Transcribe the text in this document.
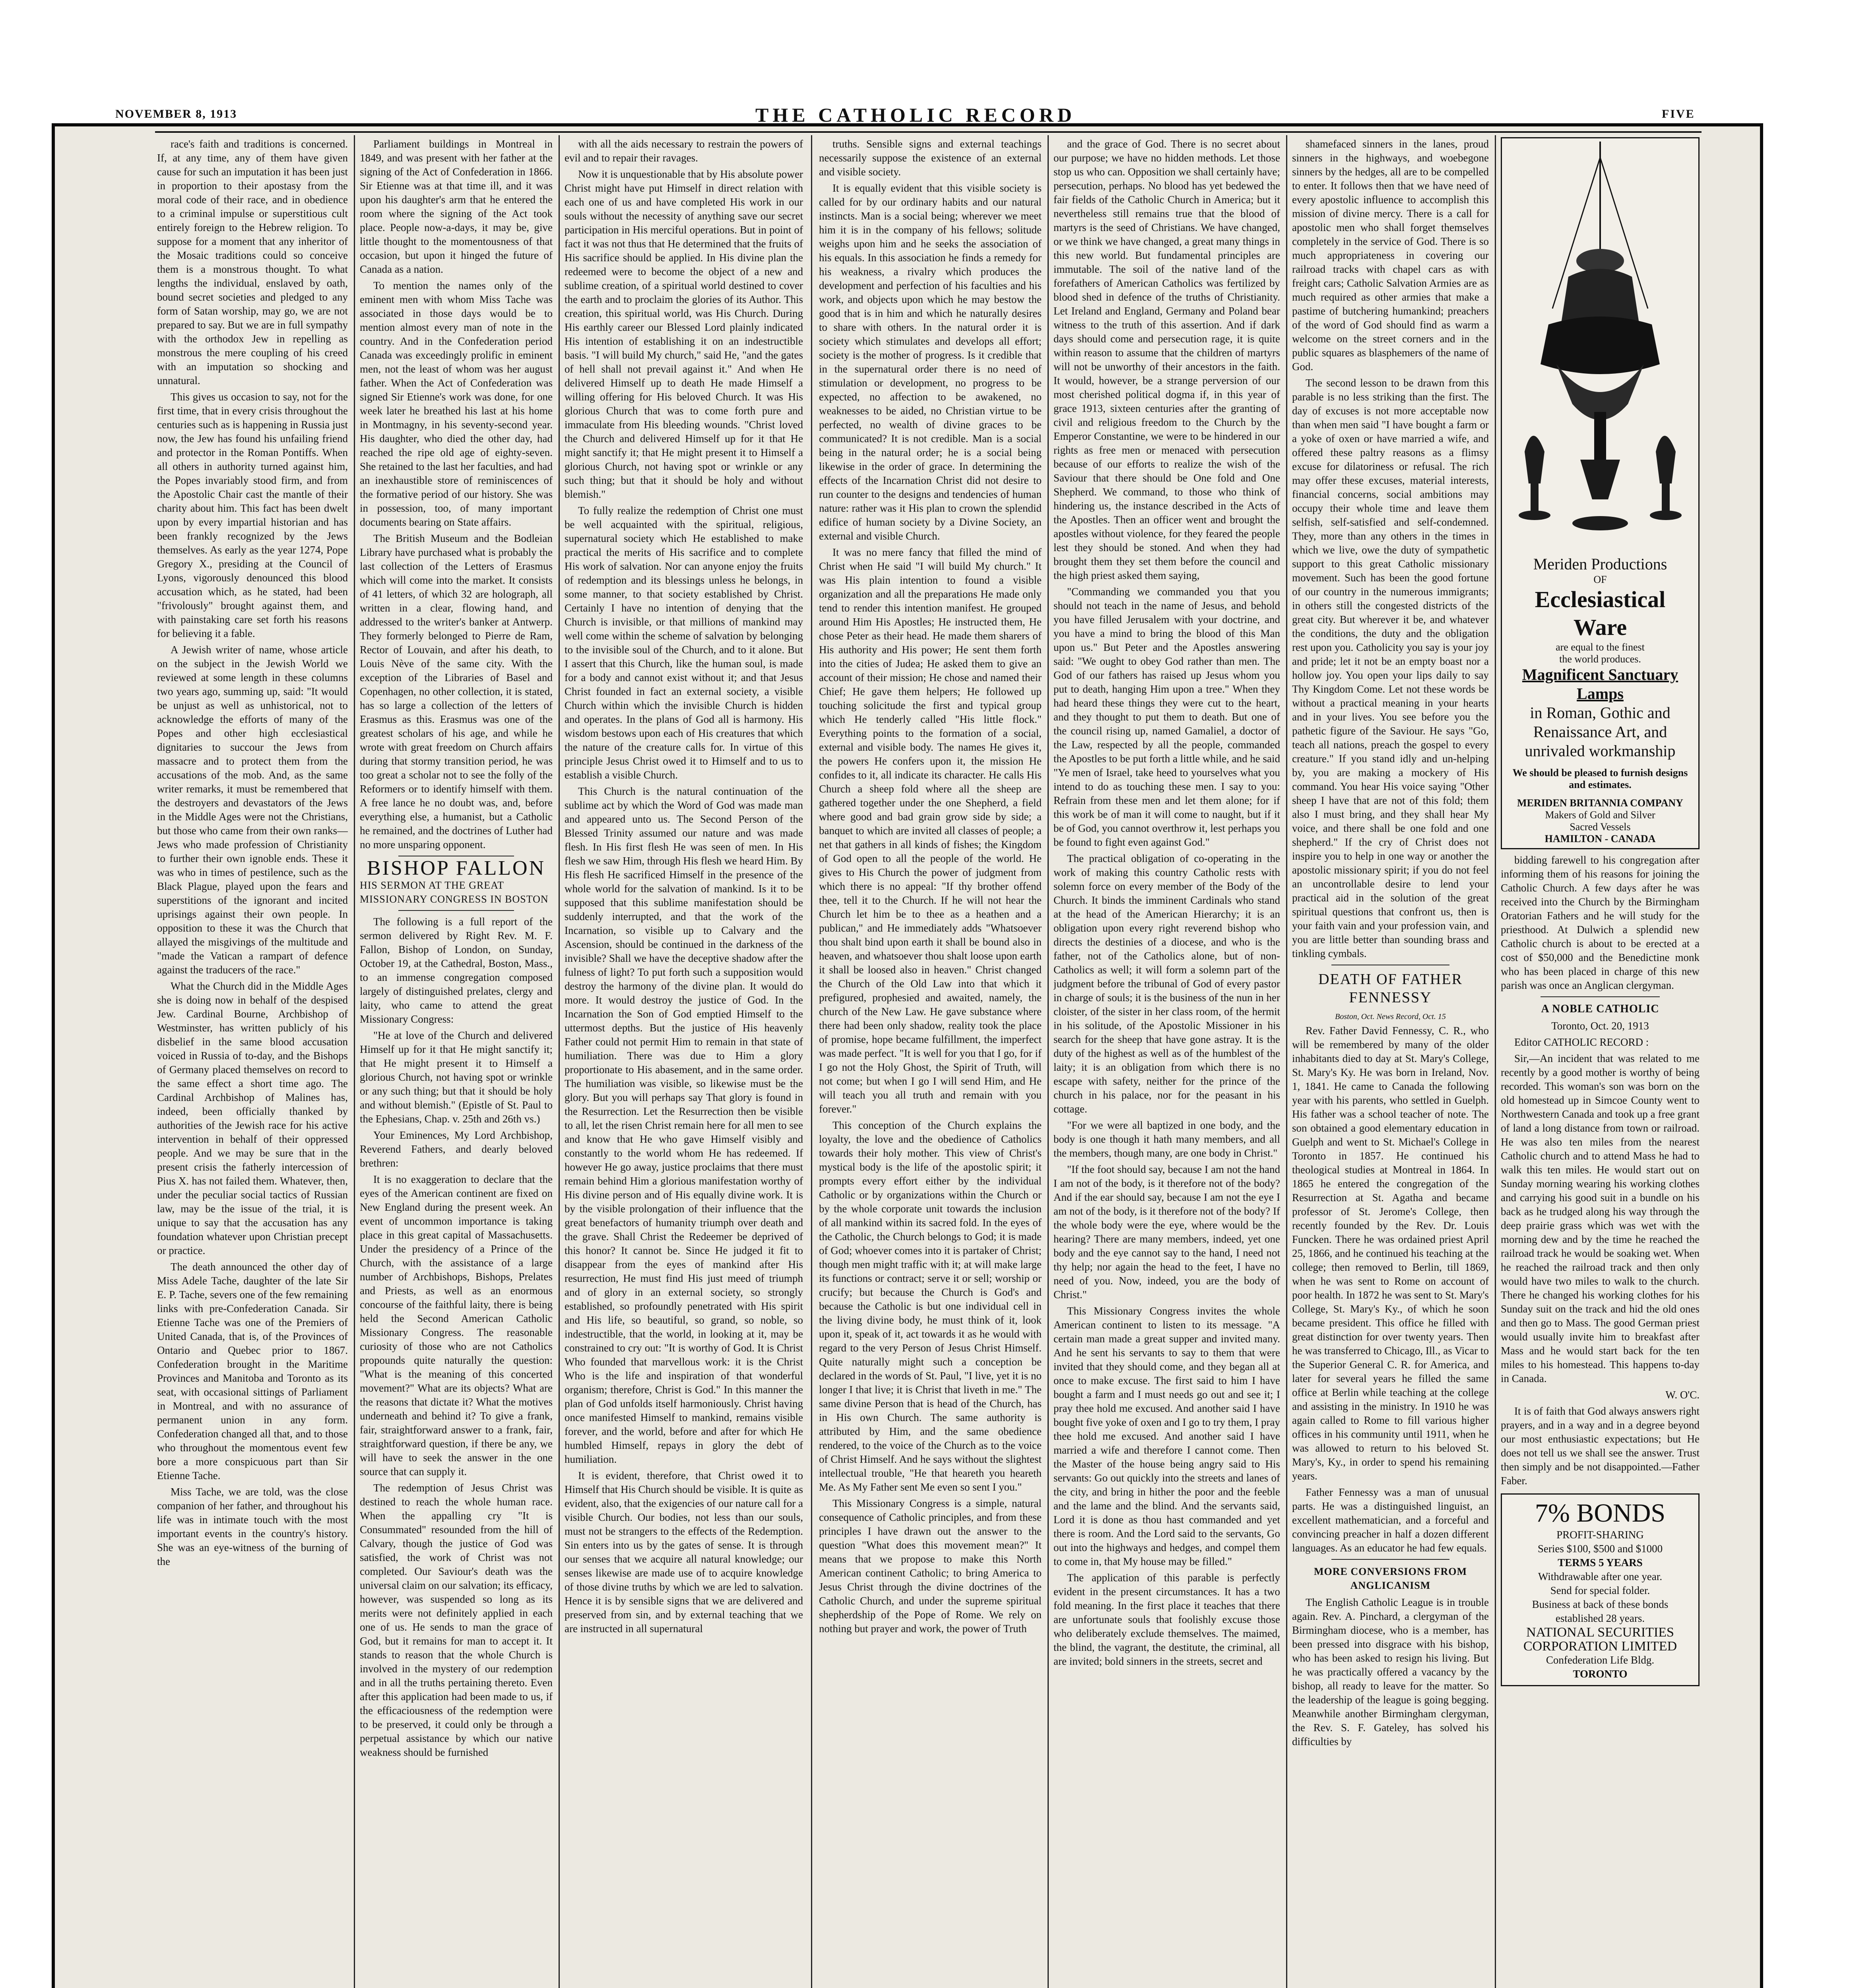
NOVEMBER 8, 1913	THE CATHOLIC RECORD	FIVE

race's faith and traditions is concerned. If, at any time, any of them have given cause for such an imputation it has been just in proportion to their apostasy from the moral code of their race, and in obedience to a criminal impulse or superstitious cult entirely foreign to the Hebrew religion. To suppose for a moment that any inheritor of the Mosaic traditions could so conceive them is a monstrous thought. To what lengths the individual, enslaved by oath, bound secret societies and pledged to any form of Satan worship, may go, we are not prepared to say. But we are in full sympathy with the orthodox Jew in repelling as monstrous the mere coupling of his creed with an imputation so shocking and unnatural.

This gives us occasion to say, not for the first time, that in every crisis throughout the centuries such as is happening in Russia just now, the Jew has found his unfailing friend and protector in the Roman Pontiffs. When all others in authority turned against him, the Popes invariably stood firm, and from the Apostolic Chair cast the mantle of their charity about him. This fact has been dwelt upon by every impartial historian and has been frankly recognized by the Jews themselves. As early as the year 1274, Pope Gregory X., presiding at the Council of Lyons, vigorously denounced this blood accusation which, as he stated, had been "frivolously" brought against them, and with painstaking care set forth his reasons for believing it a fable.

A Jewish writer of name, whose article on the subject in the Jewish World we reviewed at some length in these columns two years ago, summing up, said: "It would be unjust as well as unhistorical, not to acknowledge the efforts of many of the Popes and other high ecclesiastical dignitaries to succour the Jews from massacre and to protect them from the accusations of the mob. And, as the same writer remarks, it must be remembered that the destroyers and devastators of the Jews in the Middle Ages were not the Christians, but those who came from their own ranks—Jews who made profession of Christianity to further their own ignoble ends. These it was who in times of pestilence, such as the Black Plague, played upon the fears and superstitions of the ignorant and incited uprisings against their own people. In opposition to these it was the Church that allayed the misgivings of the multitude and "made the Vatican a rampart of defence against the traducers of the race."

What the Church did in the Middle Ages she is doing now in behalf of the despised Jew. Cardinal Bourne, Archbishop of Westminster, has written publicly of his disbelief in the same blood accusation voiced in Russia of to-day, and the Bishops of Germany placed themselves on record to the same effect a short time ago. The Cardinal Archbishop of Malines has, indeed, been officially thanked by authorities of the Jewish race for his active intervention in behalf of their oppressed people. And we may be sure that in the present crisis the fatherly intercession of Pius X. has not failed them. Whatever, then, under the peculiar social tactics of Russian law, may be the issue of the trial, it is unique to say that the accusation has any foundation whatever upon Christian precept or practice.

The death announced the other day of Miss Adele Tache, daughter of the late Sir E. P. Tache, severs one of the few remaining links with pre-Confederation Canada. Sir Etienne Tache was one of the Premiers of United Canada, that is, of the Provinces of Ontario and Quebec prior to 1867. Confederation brought in the Maritime Provinces and Manitoba and Toronto as its seat, with occasional sittings of Parliament in Montreal, and with no assurance of permanent union in any form. Confederation changed all that, and to those who throughout the momentous event few bore a more conspicuous part than Sir Etienne Tache.

Miss Tache, we are told, was the close companion of her father, and throughout his life was in intimate touch with the most important events in the country's history. She was an eye-witness of the burning of the

Parliament buildings in Montreal in 1849, and was present with her father at the signing of the Act of Confederation in 1866. Sir Etienne was at that time ill, and it was upon his daughter's arm that he entered the room where the signing of the Act took place. People now-a-days, it may be, give little thought to the momentousness of that occasion, but upon it hinged the future of Canada as a nation.

To mention the names only of the eminent men with whom Miss Tache was associated in those days would be to mention almost every man of note in the country. And in the Confederation period Canada was exceedingly prolific in eminent men, not the least of whom was her august father. When the Act of Confederation was signed Sir Etienne's work was done, for one week later he breathed his last at his home in Montmagny, in his seventy-second year. His daughter, who died the other day, had reached the ripe old age of eighty-seven. She retained to the last her faculties, and had an inexhaustible store of reminiscences of the formative period of our history. She was in possession, too, of many important documents bearing on State affairs.

The British Museum and the Bodleian Library have purchased what is probably the last collection of the Letters of Erasmus which will come into the market. It consists of 41 letters, of which 32 are holograph, all written in a clear, flowing hand, and addressed to the writer's banker at Antwerp. They formerly belonged to Pierre de Ram, Rector of Louvain, and after his death, to Louis Nève of the same city. With the exception of the Libraries of Basel and Copenhagen, no other collection, it is stated, has so large a collection of the letters of Erasmus as this. Erasmus was one of the greatest scholars of his age, and while he wrote with great freedom on Church affairs during that stormy transition period, he was too great a scholar not to see the folly of the Reformers or to identify himself with them. A free lance he no doubt was, and, before everything else, a humanist, but a Catholic he remained, and the doctrines of Luther had no more unsparing opponent.

BISHOP FALLON

HIS SERMON AT THE GREAT MISSIONARY CONGRESS IN BOSTON

The following is a full report of the sermon delivered by Right Rev. M. F. Fallon, Bishop of London, on Sunday, October 19, at the Cathedral, Boston, Mass., to an immense congregation composed largely of distinguished prelates, clergy and laity, who came to attend the great Missionary Congress:

"He at love of the Church and delivered Himself up for it that He might sanctify it; that He might present it to Himself a glorious Church, not having spot or wrinkle or any such thing; but that it should be holy and without blemish." (Epistle of St. Paul to the Ephesians, Chap. v. 25th and 26th vs.)

Your Eminences, My Lord Archbishop, Reverend Fathers, and dearly beloved brethren:

It is no exaggeration to declare that the eyes of the American continent are fixed on New England during the present week. An event of uncommon importance is taking place in this great capital of Massachusetts. Under the presidency of a Prince of the Church, with the assistance of a large number of Archbishops, Bishops, Prelates and Priests, as well as an enormous concourse of the faithful laity, there is being held the Second American Catholic Missionary Congress. The reasonable curiosity of those who are not Catholics propounds quite naturally the question: "What is the meaning of this concerted movement?" What are its objects? What are the reasons that dictate it? What the motives underneath and behind it? To give a frank, fair, straightforward answer to a frank, fair, straightforward question, if there be any, we will have to seek the answer in the one source that can supply it.

The redemption of Jesus Christ was destined to reach the whole human race. When the appalling cry "It is Consummated" resounded from the hill of Calvary, though the justice of God was satisfied, the work of Christ was not completed. Our Saviour's death was the universal claim on our salvation; its efficacy, however, was suspended so long as its merits were not definitely applied in each one of us. He sends to man the grace of God, but it remains for man to accept it. It stands to reason that the whole Church is involved in the mystery of our redemption and in all the truths pertaining thereto. Even after this application had been made to us, if the efficaciousness of the redemption were to be preserved, it could only be through a perpetual assistance by which our native weakness should be furnished

with all the aids necessary to restrain the powers of evil and to repair their ravages.

Now it is unquestionable that by His absolute power Christ might have put Himself in direct relation with each one of us and have completed His work in our souls without the necessity of anything save our secret participation in His merciful operations. But in point of fact it was not thus that He determined that the fruits of His sacrifice should be applied. In His divine plan the redeemed were to become the object of a new and sublime creation, of a spiritual world destined to cover the earth and to proclaim the glories of its Author. This creation, this spiritual world, was His Church. During His earthly career our Blessed Lord plainly indicated His intention of establishing it on an indestructible basis. "I will build My church," said He, "and the gates of hell shall not prevail against it." And when He delivered Himself up to death He made Himself a willing offering for His beloved Church. It was His glorious Church that was to come forth pure and immaculate from His bleeding wounds. "Christ loved the Church and delivered Himself up for it that He might sanctify it; that He might present it to Himself a glorious Church, not having spot or wrinkle or any such thing; but that it should be holy and without blemish."

To fully realize the redemption of Christ one must be well acquainted with the spiritual, religious, supernatural society which He established to make practical the merits of His sacrifice and to complete His work of salvation. Nor can anyone enjoy the fruits of redemption and its blessings unless he belongs, in some manner, to that society established by Christ. Certainly I have no intention of denying that the Church is invisible, or that millions of mankind may well come within the scheme of salvation by belonging to the invisible soul of the Church, and to it alone. But I assert that this Church, like the human soul, is made for a body and cannot exist without it; and that Jesus Christ founded in fact an external society, a visible Church within which the invisible Church is hidden and operates. In the plans of God all is harmony. His wisdom bestows upon each of His creatures that which the nature of the creature calls for. In virtue of this principle Jesus Christ owed it to Himself and to us to establish a visible Church.

This Church is the natural continuation of the sublime act by which the Word of God was made man and appeared unto us. The Second Person of the Blessed Trinity assumed our nature and was made flesh. In His first flesh He was seen of men. In His flesh we saw Him, through His flesh we heard Him. By His flesh He sacrificed Himself in the presence of the whole world for the salvation of mankind. Is it to be supposed that this sublime manifestation should be suddenly interrupted, and that the work of the Incarnation, so visible up to Calvary and the Ascension, should be continued in the darkness of the invisible? Shall we have the deceptive shadow after the fulness of light? To put forth such a supposition would destroy the harmony of the divine plan. It would do more. It would destroy the justice of God. In the Incarnation the Son of God emptied Himself to the uttermost depths. But the justice of His heavenly Father could not permit Him to remain in that state of humiliation. There was due to Him a glory proportionate to His abasement, and in the same order. The humiliation was visible, so likewise must be the glory. But you will perhaps say That glory is found in the Resurrection. Let the Resurrection then be visible to all, let the risen Christ remain here for all men to see and know that He who gave Himself visibly and constantly to the world whom He has redeemed. If however He go away, justice proclaims that there must remain behind Him a glorious manifestation worthy of His divine person and of His equally divine work. It is by the visible prolongation of their influence that the great benefactors of humanity triumph over death and the grave. Shall Christ the Redeemer be deprived of this honor? It cannot be. Since He judged it fit to disappear from the eyes of mankind after His resurrection, He must find His just meed of triumph and of glory in an external society, so strongly established, so profoundly penetrated with His spirit and His life, so beautiful, so grand, so noble, so indestructible, that the world, in looking at it, may be constrained to cry out: "It is worthy of God. It is Christ Who founded that marvellous work: it is the Christ Who is the life and inspiration of that wonderful organism; therefore, Christ is God." In this manner the plan of God unfolds itself harmoniously. Christ having once manifested Himself to mankind, remains visible forever, and the world, before and after for which He humbled Himself, repays in glory the debt of humiliation.

It is evident, therefore, that Christ owed it to Himself that His Church should be visible. It is quite as evident, also, that the exigencies of our nature call for a visible Church. Our bodies, not less than our souls, must not be strangers to the effects of the Redemption. Sin enters into us by the gates of sense. It is through our senses that we acquire all natural knowledge; our senses likewise are made use of to acquire knowledge of those divine truths by which we are led to salvation. Hence it is by sensible signs that we are delivered and preserved from sin, and by external teaching that we are instructed in all supernatural

truths. Sensible signs and external teachings necessarily suppose the existence of an external and visible society.

It is equally evident that this visible society is called for by our ordinary habits and our natural instincts. Man is a social being; wherever we meet him it is in the company of his fellows; solitude weighs upon him and he seeks the association of his equals. In this association he finds a remedy for his weakness, a rivalry which produces the development and perfection of his faculties and his work, and objects upon which he may bestow the good that is in him and which he naturally desires to share with others. In the natural order it is society which stimulates and develops all effort; society is the mother of progress. Is it credible that in the supernatural order there is no need of stimulation or development, no progress to be expected, no affection to be awakened, no weaknesses to be aided, no Christian virtue to be perfected, no wealth of divine graces to be communicated? It is not credible. Man is a social being in the natural order; he is a social being likewise in the order of grace. In determining the effects of the Incarnation Christ did not desire to run counter to the designs and tendencies of human nature: rather was it His plan to crown the splendid edifice of human society by a Divine Society, an external and visible Church.

It was no mere fancy that filled the mind of Christ when He said "I will build My church." It was His plain intention to found a visible organization and all the preparations He made only tend to render this intention manifest. He grouped around Him His Apostles; He instructed them, He chose Peter as their head. He made them sharers of His authority and His power; He sent them forth into the cities of Judea; He asked them to give an account of their mission; He chose and named their Chief; He gave them helpers; He followed up touching solicitude the first and typical group which He tenderly called "His little flock." Everything points to the formation of a social, external and visible body. The names He gives it, the powers He confers upon it, the mission He confides to it, all indicate its character. He calls His Church a sheep fold where all the sheep are gathered together under the one Shepherd, a field where good and bad grain grow side by side; a banquet to which are invited all classes of people; a net that gathers in all kinds of fishes; the Kingdom of God open to all the people of the world. He gives to His Church the power of judgment from which there is no appeal: "If thy brother offend thee, tell it to the Church. If he will not hear the Church let him be to thee as a heathen and a publican," and He immediately adds "Whatsoever thou shalt bind upon earth it shall be bound also in heaven, and whatsoever thou shalt loose upon earth it shall be loosed also in heaven." Christ changed the Church of the Old Law into that which it prefigured, prophesied and awaited, namely, the church of the New Law. He gave substance where there had been only shadow, reality took the place of promise, hope became fulfillment, the imperfect was made perfect. "It is well for you that I go, for if I go not the Holy Ghost, the Spirit of Truth, will not come; but when I go I will send Him, and He will teach you all truth and remain with you forever."

This conception of the Church explains the loyalty, the love and the obedience of Catholics towards their holy mother. This view of Christ's mystical body is the life of the apostolic spirit; it prompts every effort either by the individual Catholic or by organizations within the Church or by the whole corporate unit towards the inclusion of all mankind within its sacred fold. In the eyes of the Catholic, the Church belongs to God; it is made of God; whoever comes into it is partaker of Christ; though men might traffic with it; at will make large its functions or contract; serve it or sell; worship or crucify; but because the Church is God's and because the Catholic is but one individual cell in the living divine body, he must think of it, look upon it, speak of it, act towards it as he would with regard to the very Person of Jesus Christ Himself. Quite naturally might such a conception be declared in the words of St. Paul, "I live, yet it is no longer I that live; it is Christ that liveth in me." The same divine Person that is head of the Church, has in His own Church. The same authority is attributed by Him, and the same obedience rendered, to the voice of the Church as to the voice of Christ Himself. And he says without the slightest intellectual trouble, "He that heareth you heareth Me. As My Father sent Me even so sent I you."

This Missionary Congress is a simple, natural consequence of Catholic principles, and from these principles I have drawn out the answer to the question "What does this movement mean?" It means that we propose to make this North American continent Catholic; to bring America to Jesus Christ through the divine doctrines of the Catholic Church, and under the supreme spiritual shepherdship of the Pope of Rome. We rely on nothing but prayer and work, the power of Truth

and the grace of God. There is no secret about our purpose; we have no hidden methods. Let those stop us who can. Opposition we shall certainly have; persecution, perhaps. No blood has yet bedewed the fair fields of the Catholic Church in America; but it nevertheless still remains true that the blood of martyrs is the seed of Christians. We have changed, or we think we have changed, a great many things in this new world. But fundamental principles are immutable. The soil of the native land of the forefathers of American Catholics was fertilized by blood shed in defence of the truths of Christianity. Let Ireland and England, Germany and Poland bear witness to the truth of this assertion. And if dark days should come and persecution rage, it is quite within reason to assume that the children of martyrs will not be unworthy of their ancestors in the faith. It would, however, be a strange perversion of our most cherished political dogma if, in this year of grace 1913, sixteen centuries after the granting of civil and religious freedom to the Church by the Emperor Constantine, we were to be hindered in our rights as free men or menaced with persecution because of our efforts to realize the wish of the Saviour that there should be One fold and One Shepherd. We command, to those who think of hindering us, the instance described in the Acts of the Apostles. Then an officer went and brought the apostles without violence, for they feared the people lest they should be stoned. And when they had brought them they set them before the council and the high priest asked them saying,

"Commanding we commanded you that you should not teach in the name of Jesus, and behold you have filled Jerusalem with your doctrine, and you have a mind to bring the blood of this Man upon us." But Peter and the Apostles answering said: "We ought to obey God rather than men. The God of our fathers has raised up Jesus whom you put to death, hanging Him upon a tree." When they had heard these things they were cut to the heart, and they thought to put them to death. But one of the council rising up, named Gamaliel, a doctor of the Law, respected by all the people, commanded the Apostles to be put forth a little while, and he said "Ye men of Israel, take heed to yourselves what you intend to do as touching these men. I say to you: Refrain from these men and let them alone; for if this work be of man it will come to naught, but if it be of God, you cannot overthrow it, lest perhaps you be found to fight even against God."

The practical obligation of co-operating in the work of making this country Catholic rests with solemn force on every member of the Body of the Church. It binds the imminent Cardinals who stand at the head of the American Hierarchy; it is an obligation upon every right reverend bishop who directs the destinies of a diocese, and who is the father, not of the Catholics alone, but of non-Catholics as well; it will form a solemn part of the judgment before the tribunal of God of every pastor in charge of souls; it is the business of the nun in her cloister, of the sister in her class room, of the hermit in his solitude, of the Apostolic Missioner in his search for the sheep that have gone astray. It is the duty of the highest as well as of the humblest of the laity; it is an obligation from which there is no escape with safety, neither for the prince of the church in his palace, nor for the peasant in his cottage.

"For we were all baptized in one body, and the body is one though it hath many members, and all the members, though many, are one body in Christ."

"If the foot should say, because I am not the hand I am not of the body, is it therefore not of the body? And if the ear should say, because I am not the eye I am not of the body, is it therefore not of the body? If the whole body were the eye, where would be the hearing? There are many members, indeed, yet one body and the eye cannot say to the hand, I need not thy help; nor again the head to the feet, I have no need of you. Now, indeed, you are the body of Christ."

This Missionary Congress invites the whole American continent to listen to its message. "A certain man made a great supper and invited many. And he sent his servants to say to them that were invited that they should come, and they began all at once to make excuse. The first said to him I have bought a farm and I must needs go out and see it; I pray thee hold me excused. And another said I have bought five yoke of oxen and I go to try them, I pray thee hold me excused. And another said I have married a wife and therefore I cannot come. Then the Master of the house being angry said to His servants: Go out quickly into the streets and lanes of the city, and bring in hither the poor and the feeble and the lame and the blind. And the servants said, Lord it is done as thou hast commanded and yet there is room. And the Lord said to the servants, Go out into the highways and hedges, and compel them to come in, that My house may be filled."

The application of this parable is perfectly evident in the present circumstances. It has a two fold meaning. In the first place it teaches that there are unfortunate souls that foolishly excuse those who deliberately exclude themselves. The maimed, the blind, the vagrant, the destitute, the criminal, all are invited; bold sinners in the streets, secret and

shamefaced sinners in the lanes, proud sinners in the highways, and woebegone sinners by the hedges, all are to be compelled to enter. It follows then that we have need of every apostolic influence to accomplish this mission of divine mercy. There is a call for apostolic men who shall forget themselves completely in the service of God. There is so much appropriateness in covering our railroad tracks with chapel cars as with freight cars; Catholic Salvation Armies are as much required as other armies that make a pastime of butchering humankind; preachers of the word of God should find as warm a welcome on the street corners and in the public squares as blasphemers of the name of God.

The second lesson to be drawn from this parable is no less striking than the first. The day of excuses is not more acceptable now than when men said "I have bought a farm or a yoke of oxen or have married a wife, and offered these paltry reasons as a flimsy excuse for dilatoriness or refusal. The rich may offer these excuses, material interests, financial concerns, social ambitions may occupy their whole time and leave them selfish, self-satisfied and self-condemned. They, more than any others in the times in which we live, owe the duty of sympathetic support to this great Catholic missionary movement. Such has been the good fortune of our country in the numerous immigrants; in others still the congested districts of the great city. But wherever it be, and whatever the conditions, the duty and the obligation rest upon you. Catholicity you say is your joy and pride; let it not be an empty boast nor a hollow joy. You open your lips daily to say Thy Kingdom Come. Let not these words be without a practical meaning in your hearts and in your lives. You see before you the pathetic figure of the Saviour. He says "Go, teach all nations, preach the gospel to every creature." If you stand idly and un-helping by, you are making a mockery of His command. You hear His voice saying "Other sheep I have that are not of this fold; them also I must bring, and they shall hear My voice, and there shall be one fold and one shepherd." If the cry of Christ does not inspire you to help in one way or another the apostolic missionary spirit; if you do not feel an uncontrollable desire to lend your practical aid in the solution of the great spiritual questions that confront us, then is your faith vain and your profession vain, and you are little better than sounding brass and tinkling cymbals.

DEATH OF FATHER FENNESSY
Boston, Oct. News Record, Oct. 15

Rev. Father David Fennessy, C. R., who will be remembered by many of the older inhabitants died to day at St. Mary's College, St. Mary's Ky. He was born in Ireland, Nov. 1, 1841. He came to Canada the following year with his parents, who settled in Guelph. His father was a school teacher of note. The son obtained a good elementary education in Guelph and went to St. Michael's College in Toronto in 1857. He continued his theological studies at Montreal in 1864. In 1865 he entered the congregation of the Resurrection at St. Agatha and became professor of St. Jerome's College, then recently founded by the Rev. Dr. Louis Funcken. There he was ordained priest April 25, 1866, and he continued his teaching at the college; then removed to Berlin, till 1869, when he was sent to Rome on account of poor health. In 1872 he was sent to St. Mary's College, St. Mary's Ky., of which he soon became president. This office he filled with great distinction for over twenty years. Then he was transferred to Chicago, Ill., as Vicar to the Superior General C. R. for America, and later for several years he filled the same office at Berlin while teaching at the college and assisting in the ministry. In 1910 he was again called to Rome to fill various higher offices in his community until 1911, when he was allowed to return to his beloved St. Mary's, Ky., in order to spend his remaining years.

Father Fennessy was a man of unusual parts. He was a distinguished linguist, an excellent mathematician, and a forceful and convincing preacher in half a dozen different languages. As an educator he had few equals.

MORE CONVERSIONS FROM ANGLICANISM

The English Catholic League is in trouble again. Rev. A. Pinchard, a clergyman of the Birmingham diocese, who is a member, has been pressed into disgrace with his bishop, who has been asked to resign his living. But he was practically offered a vacancy by the bishop, all ready to leave for the matter. So the leadership of the league is going begging. Meanwhile another Birmingham clergyman, the Rev. S. F. Gateley, has solved his difficulties by

Meriden Productions
OF
Ecclesiastical
Ware
are equal to the finest
the world produces.
Magnificent Sanctuary Lamps
in Roman, Gothic and
Renaissance Art, and
unrivaled workmanship
We should be pleased to furnish designs and estimates.
MERIDEN BRITANNIA COMPANY
Makers of Gold and Silver
Sacred Vessels
HAMILTON - CANADA

bidding farewell to his congregation after informing them of his reasons for joining the Catholic Church. A few days after he was received into the Church by the Birmingham Oratorian Fathers and he will study for the priesthood. At Dulwich a splendid new Catholic church is about to be erected at a cost of $50,000 and the Benedictine monk who has been placed in charge of this new parish was once an Anglican clergyman.

A NOBLE CATHOLIC

Toronto, Oct. 20, 1913

Editor CATHOLIC RECORD :

Sir,—An incident that was related to me recently by a good mother is worthy of being recorded. This woman's son was born on the old homestead up in Simcoe County went to Northwestern Canada and took up a free grant of land a long distance from town or railroad. He was also ten miles from the nearest Catholic church and to attend Mass he had to walk this ten miles. He would start out on Sunday morning wearing his working clothes and carrying his good suit in a bundle on his back as he trudged along his way through the deep prairie grass which was wet with the morning dew and by the time he reached the railroad track he would be soaking wet. When he reached the railroad track and then only would have two miles to walk to the church. There he changed his working clothes for his Sunday suit on the track and hid the old ones and then go to Mass. The good German priest would usually invite him to breakfast after Mass and he would start back for the ten miles to his homestead. This happens to-day in Canada.

W. O'C.

It is of faith that God always answers right prayers, and in a way and in a degree beyond our most enthusiastic expectations; but He does not tell us we shall see the answer. Trust then simply and be not disappointed.—Father Faber.

7% BONDS
PROFIT-SHARING
Series $100, $500 and $1000
TERMS 5 YEARS
Withdrawable after one year.
Send for special folder.
Business at back of these bonds
established 28 years.
NATIONAL SECURITIES
CORPORATION LIMITED
Confederation Life Bldg.
TORONTO
